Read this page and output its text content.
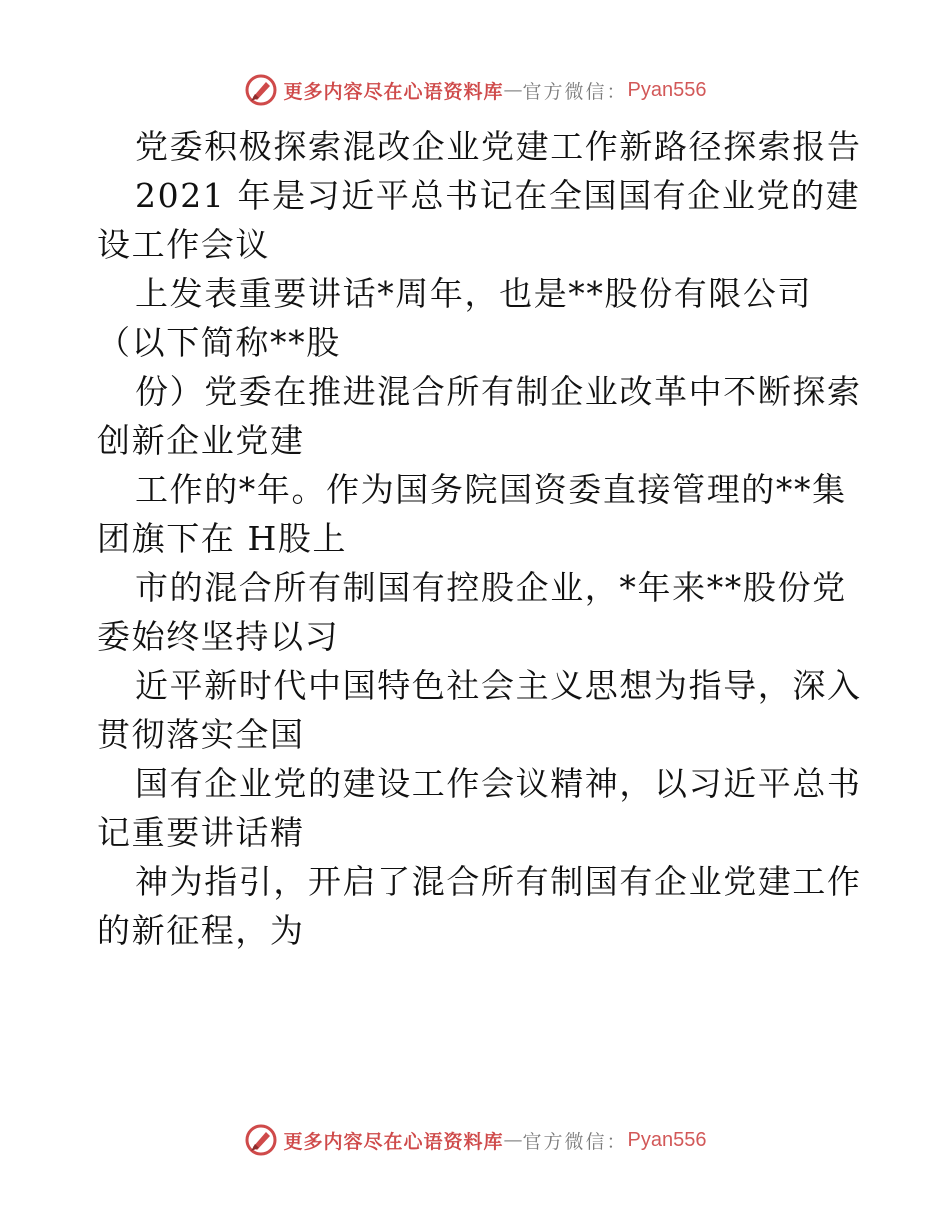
更多内容尽在心语资料库 — 官方微信： Pyan556
党委积极探索混改企业党建工作新路径探索报告
2021 年是习近平总书记在全国国有企业党的建
设工作会议
上发表重要讲话*周年，也是**股份有限公司
（以下简称**股
份）党委在推进混合所有制企业改革中不断探索
创新企业党建
工作的*年。作为国务院国资委直接管理的**集
团旗下在 H股上
市的混合所有制国有控股企业，*年来**股份党
委始终坚持以习
近平新时代中国特色社会主义思想为指导，深入
贯彻落实全国
国有企业党的建设工作会议精神，以习近平总书
记重要讲话精
神为指引，开启了混合所有制国有企业党建工作
的新征程，为
更多内容尽在心语资料库 — 官方微信： Pyan556
